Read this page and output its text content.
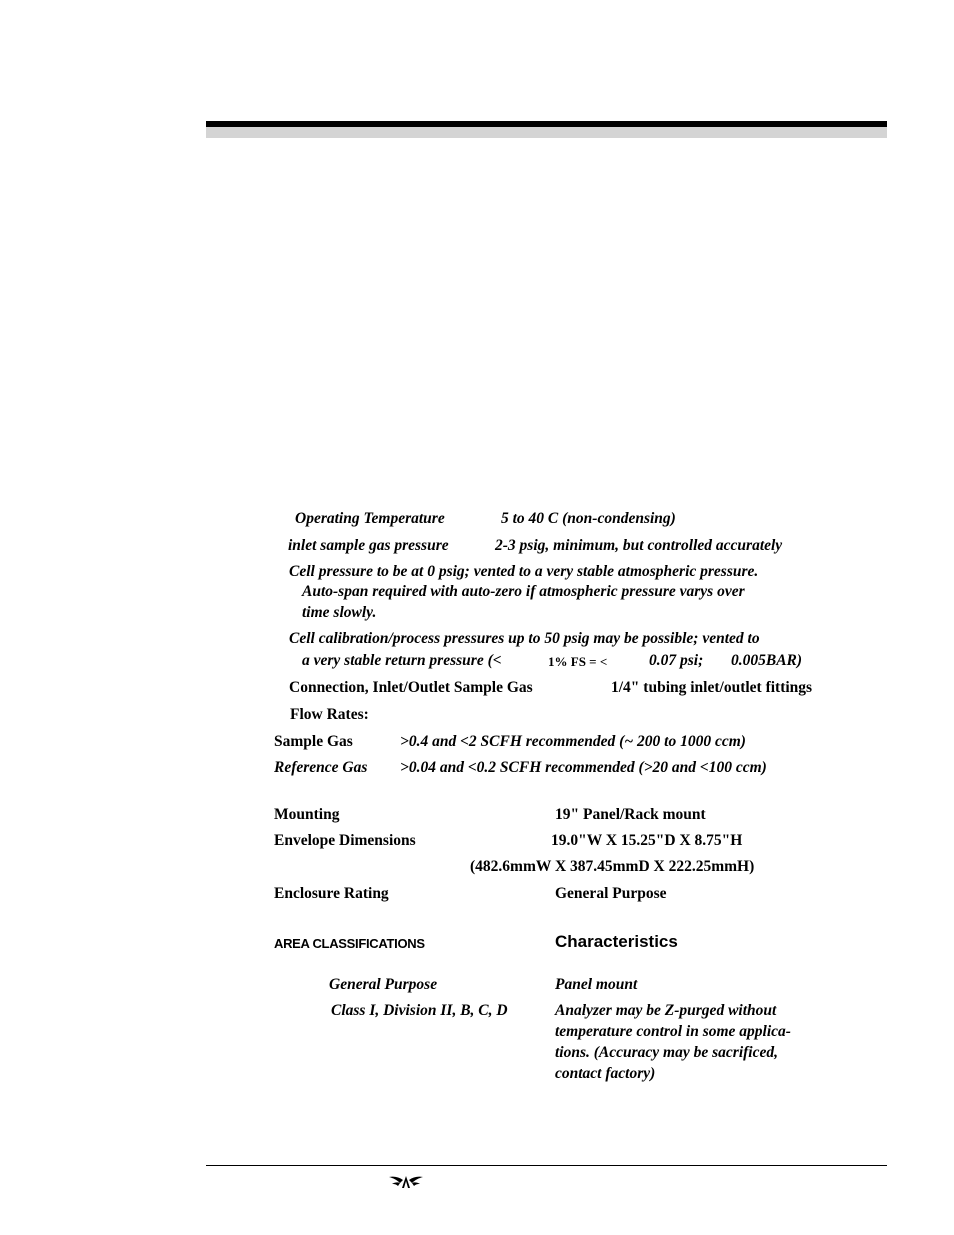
Operating Temperature	5 to 40 C (non-condensing)
inlet sample gas pressure	2-3 psig, minimum, but controlled accurately
Cell pressure to be at 0 psig; vented to a very stable atmospheric pressure.
Auto-span required with auto-zero if atmospheric pressure varys over
time slowly.
Cell calibration/process pressures up to 50 psig may be possible; vented to
a very stable return pressure (<	1% FS = <	0.07 psi; 0.005BAR)
Connection, Inlet/Outlet Sample Gas	1/4" tubing inlet/outlet fittings
Flow Rates:
Sample Gas	>0.4 and <2 SCFH recommended (~ 200 to 1000 ccm)
Reference Gas >0.04 and <0.2 SCFH recommended (>20 and <100 ccm)
Mounting	19" Panel/Rack mount
Envelope Dimensions	19.0"W X 15.25"D X 8.75"H
(482.6mmW X 387.45mmD X 222.25mmH)
Enclosure Rating	General Purpose
AREA CLASSIFICATIONS	Characteristics
General Purpose	Panel mount
Class I, Division II, B, C, D	Analyzer may be Z-purged without
temperature control in some applica-
tions. (Accuracy may be sacrificed,
contact factory)
